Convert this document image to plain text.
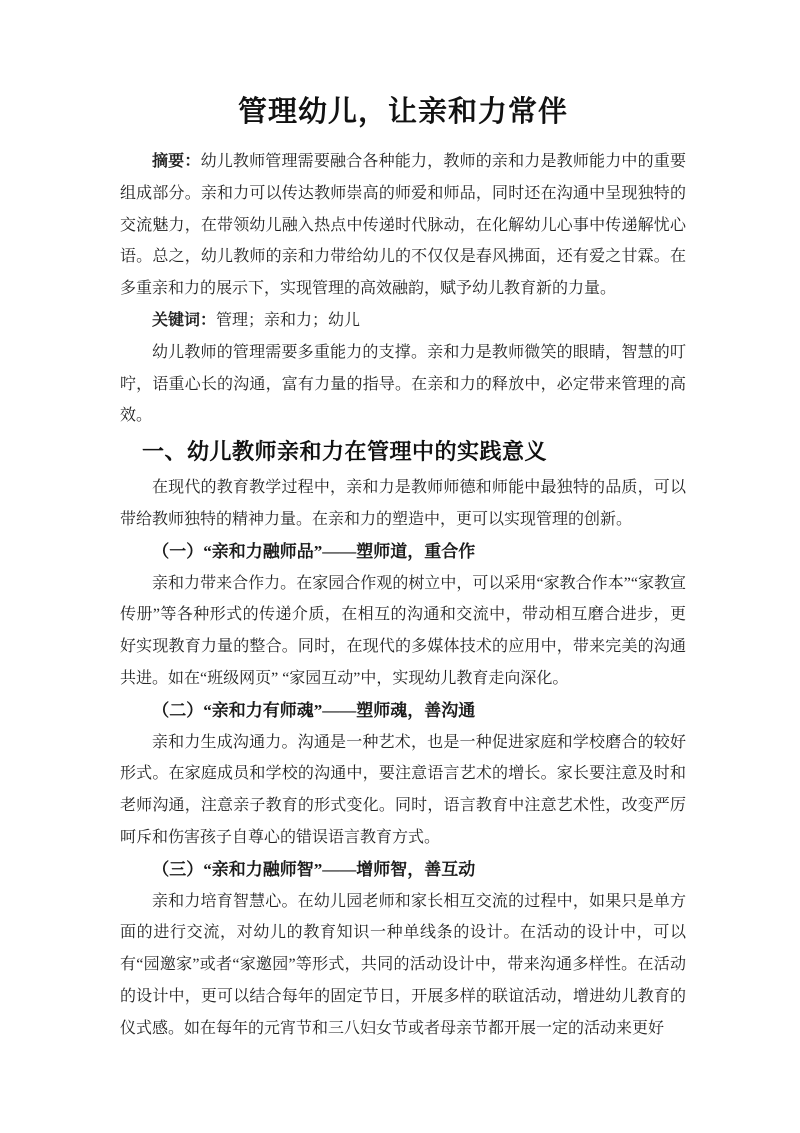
管理幼儿，让亲和力常伴

摘要：幼儿教师管理需要融合各种能力，教师的亲和力是教师能力中的重要组成部分。亲和力可以传达教师崇高的师爱和师品，同时还在沟通中呈现独特的交流魅力，在带领幼儿融入热点中传递时代脉动，在化解幼儿心事中传递解忧心语。总之，幼儿教师的亲和力带给幼儿的不仅仅是春风拂面，还有爱之甘霖。在多重亲和力的展示下，实现管理的高效融韵，赋予幼儿教育新的力量。

关键词：管理；亲和力；幼儿

幼儿教师的管理需要多重能力的支撑。亲和力是教师微笑的眼睛，智慧的叮咛，语重心长的沟通，富有力量的指导。在亲和力的释放中，必定带来管理的高效。

一、幼儿教师亲和力在管理中的实践意义

在现代的教育教学过程中，亲和力是教师师德和师能中最独特的品质，可以带给教师独特的精神力量。在亲和力的塑造中，更可以实现管理的创新。

（一）“亲和力融师品”——塑师道，重合作

亲和力带来合作力。在家园合作观的树立中，可以采用“家教合作本”“家教宣传册”等各种形式的传递介质，在相互的沟通和交流中，带动相互磨合进步，更好实现教育力量的整合。同时，在现代的多媒体技术的应用中，带来完美的沟通共进。如在“班级网页” “家园互动”中，实现幼儿教育走向深化。

（二）“亲和力有师魂”——塑师魂，善沟通

亲和力生成沟通力。沟通是一种艺术，也是一种促进家庭和学校磨合的较好形式。在家庭成员和学校的沟通中，要注意语言艺术的增长。家长要注意及时和老师沟通，注意亲子教育的形式变化。同时，语言教育中注意艺术性，改变严厉呵斥和伤害孩子自尊心的错误语言教育方式。

（三）“亲和力融师智”——增师智，善互动

亲和力培育智慧心。在幼儿园老师和家长相互交流的过程中，如果只是单方面的进行交流，对幼儿的教育知识一种单线条的设计。在活动的设计中，可以有“园邀家”或者“家邀园”等形式，共同的活动设计中，带来沟通多样性。在活动的设计中，更可以结合每年的固定节日，开展多样的联谊活动，增进幼儿教育的仪式感。如在每年的元宵节和三八妇女节或者母亲节都开展一定的活动来更好
